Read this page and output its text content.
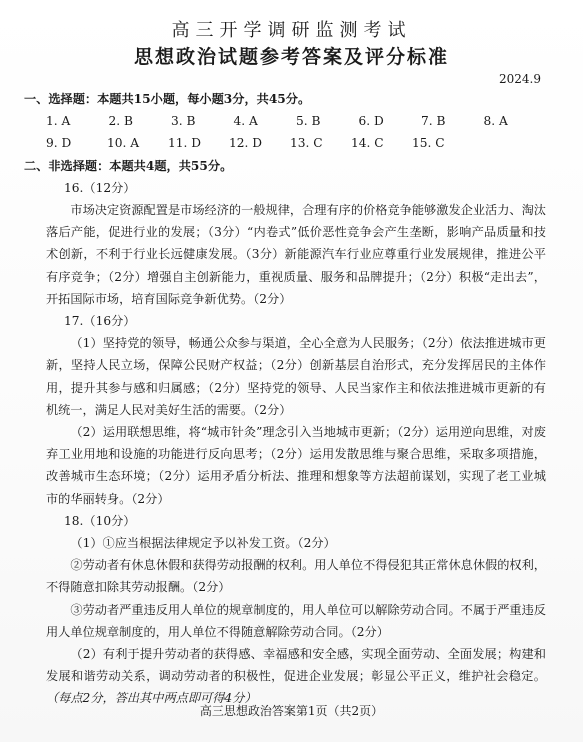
高三开学调研监测考试
思想政治试题参考答案及评分标准
2024.9
一、选择题：本题共15小题，每小题3分，共45分。
1. A	2. B	3. B	4. A	5. B	6. D	7. B	8. A
9. D	10. A	11. D	12. D	13. C	14. C	15. C
二、非选择题：本题共4题，共55分。
16.（12分）

市场决定资源配置是市场经济的一般规律，合理有序的价格竞争能够激发企业活力、淘汰落后产能，促进行业的发展；（3分）“内卷式”低价恶性竞争会产生垄断，影响产品质量和技术创新，不利于行业长远健康发展。（3分）新能源汽车行业应尊重行业发展规律，推进公平有序竞争；（2分）增强自主创新能力，重视质量、服务和品牌提升；（2分）积极“走出去”，开拓国际市场，培育国际竞争新优势。（2分）

17.（16分）

（1）坚持党的领导，畅通公众参与渠道，全心全意为人民服务；（2分）依法推进城市更新，坚持人民立场，保障公民财产权益；（2分）创新基层自治形式，充分发挥居民的主体作用，提升其参与感和归属感；（2分）坚持党的领导、人民当家作主和依法推进城市更新的有机统一，满足人民对美好生活的需要。（2分）

（2）运用联想思维，将“城市针灸”理念引入当地城市更新；（2分）运用逆向思维，对废弃工业用地和设施的功能进行反向思考；（2分）运用发散思维与聚合思维，采取多项措施，改善城市生态环境；（2分）运用矛盾分析法、推理和想象等方法超前谋划，实现了老工业城市的华丽转身。（2分）

18.（10分）

（1）①应当根据法律规定予以补发工资。（2分）

②劳动者有休息休假和获得劳动报酬的权利。用人单位不得侵犯其正常休息休假的权利，不得随意扣除其劳动报酬。（2分）

③劳动者严重违反用人单位的规章制度的，用人单位可以解除劳动合同。不属于严重违反用人单位规章制度的，用人单位不得随意解除劳动合同。（2分）

（2）有利于提升劳动者的获得感、幸福感和安全感，实现全面劳动、全面发展；构建和发展和谐劳动关系，调动劳动者的积极性，促进企业发展；彰显公平正义，维护社会稳定。（每点2分，答出其中两点即可得4分）

高三思想政治答案第1页（共2页）
